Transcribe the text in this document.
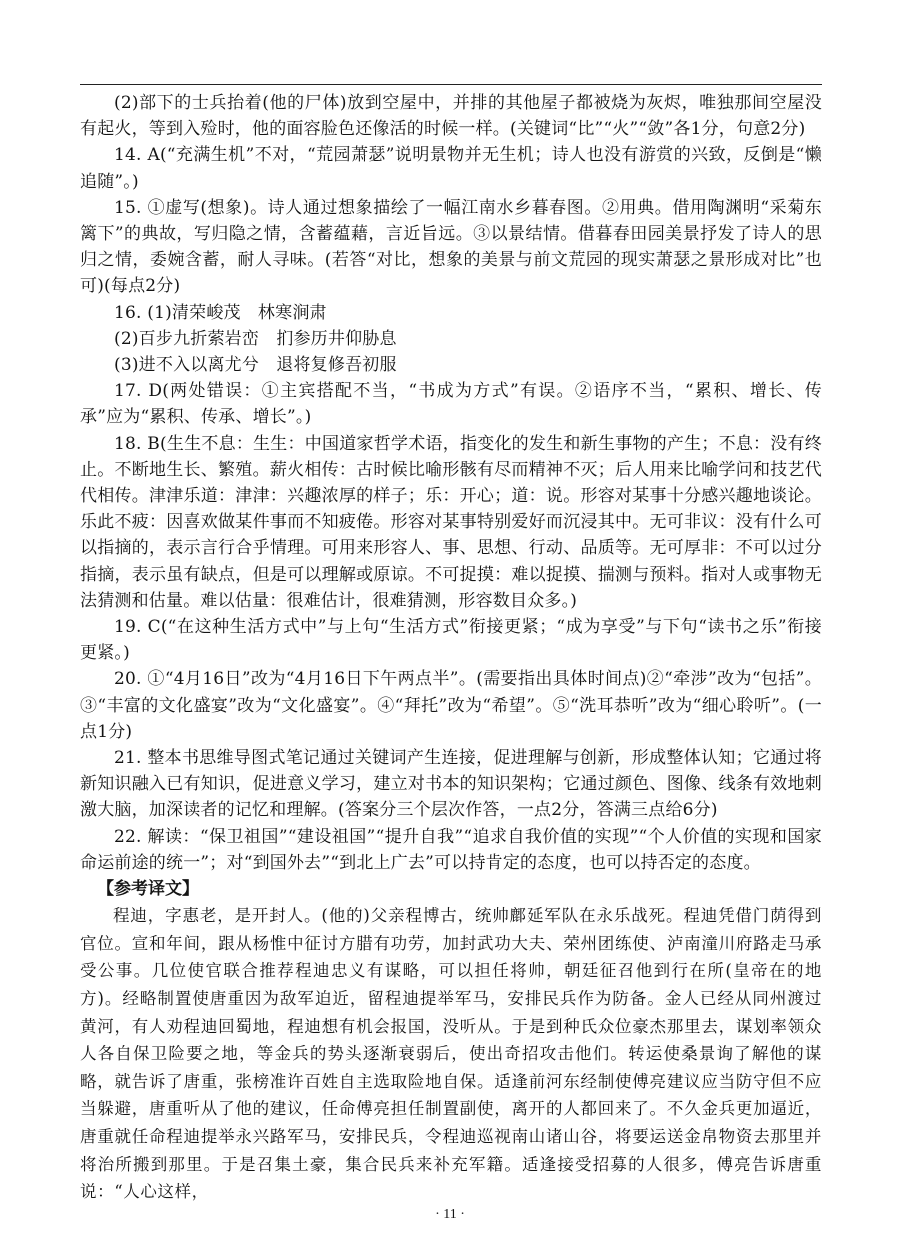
(2)部下的士兵抬着(他的尸体)放到空屋中，并排的其他屋子都被烧为灰烬，唯独那间空屋没有起火，等到入殓时，他的面容脸色还像活的时候一样。(关键词“比”“火”“敛”各1分，句意2分)

14. A(“充满生机”不对，“荒园萧瑟”说明景物并无生机；诗人也没有游赏的兴致，反倒是“懒追随”。)

15. ①虚写(想象)。诗人通过想象描绘了一幅江南水乡暮春图。②用典。借用陶渊明“采菊东篱下”的典故，写归隐之情，含蓄蕴藉，言近旨远。③以景结情。借暮春田园美景抒发了诗人的思归之情，委婉含蓄，耐人寻味。(若答“对比，想象的美景与前文荒园的现实萧瑟之景形成对比”也可)(每点2分)

16. (1)清荣峻茂　林寒涧肃

(2)百步九折萦岩峦　扪参历井仰胁息

(3)进不入以离尤兮　退将复修吾初服

17. D(两处错误：①主宾搭配不当，“书成为方式”有误。②语序不当，“累积、增长、传承”应为“累积、传承、增长”。)

18. B(生生不息：生生：中国道家哲学术语，指变化的发生和新生事物的产生；不息：没有终止。不断地生长、繁殖。薪火相传：古时候比喻形骸有尽而精神不灭；后人用来比喻学问和技艺代代相传。津津乐道：津津：兴趣浓厚的样子；乐：开心；道：说。形容对某事十分感兴趣地谈论。乐此不疲：因喜欢做某件事而不知疲倦。形容对某事特别爱好而沉浸其中。无可非议：没有什么可以指摘的，表示言行合乎情理。可用来形容人、事、思想、行动、品质等。无可厚非：不可以过分指摘，表示虽有缺点，但是可以理解或原谅。不可捉摸：难以捉摸、揣测与预料。指对人或事物无法猜测和估量。难以估量：很难估计，很难猜测，形容数目众多。)

19. C(“在这种生活方式中”与上句“生活方式”衔接更紧；“成为享受”与下句“读书之乐”衔接更紧。)

20. ①“4月16日”改为“4月16日下午两点半”。(需要指出具体时间点)②“牵涉”改为“包括”。③“丰富的文化盛宴”改为“文化盛宴”。④“拜托”改为“希望”。⑤“洗耳恭听”改为“细心聆听”。(一点1分)

21. 整本书思维导图式笔记通过关键词产生连接，促进理解与创新，形成整体认知；它通过将新知识融入已有知识，促进意义学习，建立对书本的知识架构；它通过颜色、图像、线条有效地刺激大脑，加深读者的记忆和理解。(答案分三个层次作答，一点2分，答满三点给6分)

22. 解读：“保卫祖国”“建设祖国”“提升自我”“追求自我价值的实现”“个人价值的实现和国家命运前途的统一”；对“到国外去”“到北上广去”可以持肯定的态度，也可以持否定的态度。

【参考译文】

程迪，字惠老，是开封人。(他的)父亲程博古，统帅鄜延军队在永乐战死。程迪凭借门荫得到官位。宣和年间，跟从杨惟中征讨方腊有功劳，加封武功大夫、荣州团练使、泸南潼川府路走马承受公事。几位使官联合推荐程迪忠义有谋略，可以担任将帅，朝廷征召他到行在所(皇帝在的地方)。经略制置使唐重因为敌军迫近，留程迪提举军马，安排民兵作为防备。金人已经从同州渡过黄河，有人劝程迪回蜀地，程迪想有机会报国，没听从。于是到种氏众位豪杰那里去，谋划率领众人各自保卫险要之地，等金兵的势头逐渐衰弱后，使出奇招攻击他们。转运使桑景询了解他的谋略，就告诉了唐重，张榜准许百姓自主选取险地自保。适逢前河东经制使傅亮建议应当防守但不应当躲避，唐重听从了他的建议，任命傅亮担任制置副使，离开的人都回来了。不久金兵更加逼近，唐重就任命程迪提举永兴路军马，安排民兵，令程迪巡视南山诸山谷，将要运送金帛物资去那里并将治所搬到那里。于是召集土豪，集合民兵来补充军籍。适逢接受招募的人很多，傅亮告诉唐重说：“人心这样，

· 11 ·
